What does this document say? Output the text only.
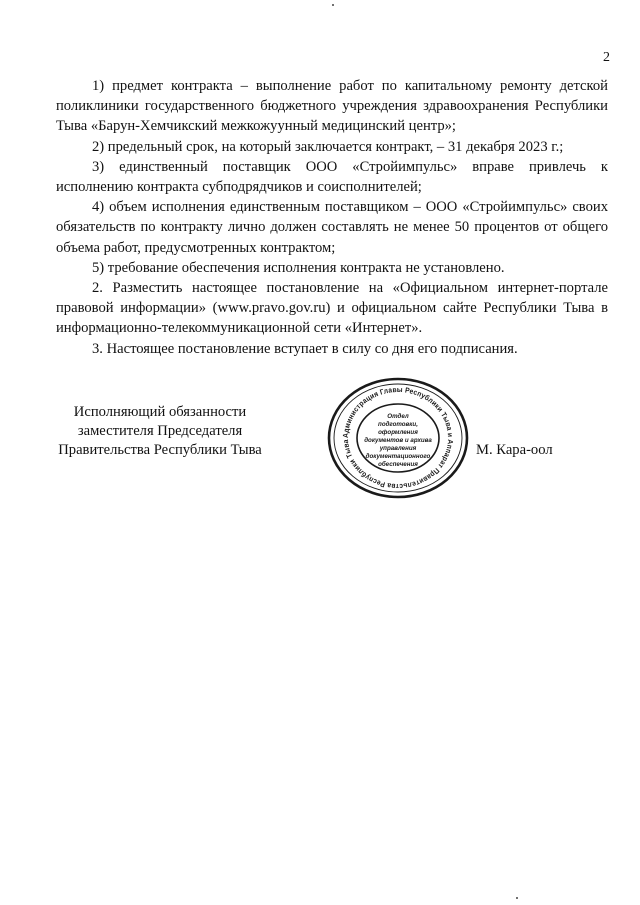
2

1) предмет контракта – выполнение работ по капитальному ремонту детской поликлиники государственного бюджетного учреждения здравоохранения Республики Тыва «Барун-Хемчикский межкожуунный медицинский центр»;

2) предельный срок, на который заключается контракт, – 31 декабря 2023 г.;

3) единственный поставщик ООО «Стройимпульс» вправе привлечь к исполнению контракта субподрядчиков и соисполнителей;

4) объем исполнения единственным поставщиком – ООО «Стройимпульс» своих обязательств по контракту лично должен составлять не менее 50 процентов от общего объема работ, предусмотренных контрактом;

5) требование обеспечения исполнения контракта не установлено.

2. Разместить настоящее постановление на «Официальном интернет-портале правовой информации» (www.pravo.gov.ru) и официальном сайте Республики Тыва в информационно-телекоммуникационной сети «Интернет».

3. Настоящее постановление вступает в силу со дня его подписания.

Исполняющий обязанности
заместителя Председателя
Правительства Республики Тыва
Администрация Главы Республики Тыва и Аппарат Правительства Республики Тыва
Отдел
подготовки,
оформления
документов и архива
управления
документационного
обеспечения
М. Кара-оол
